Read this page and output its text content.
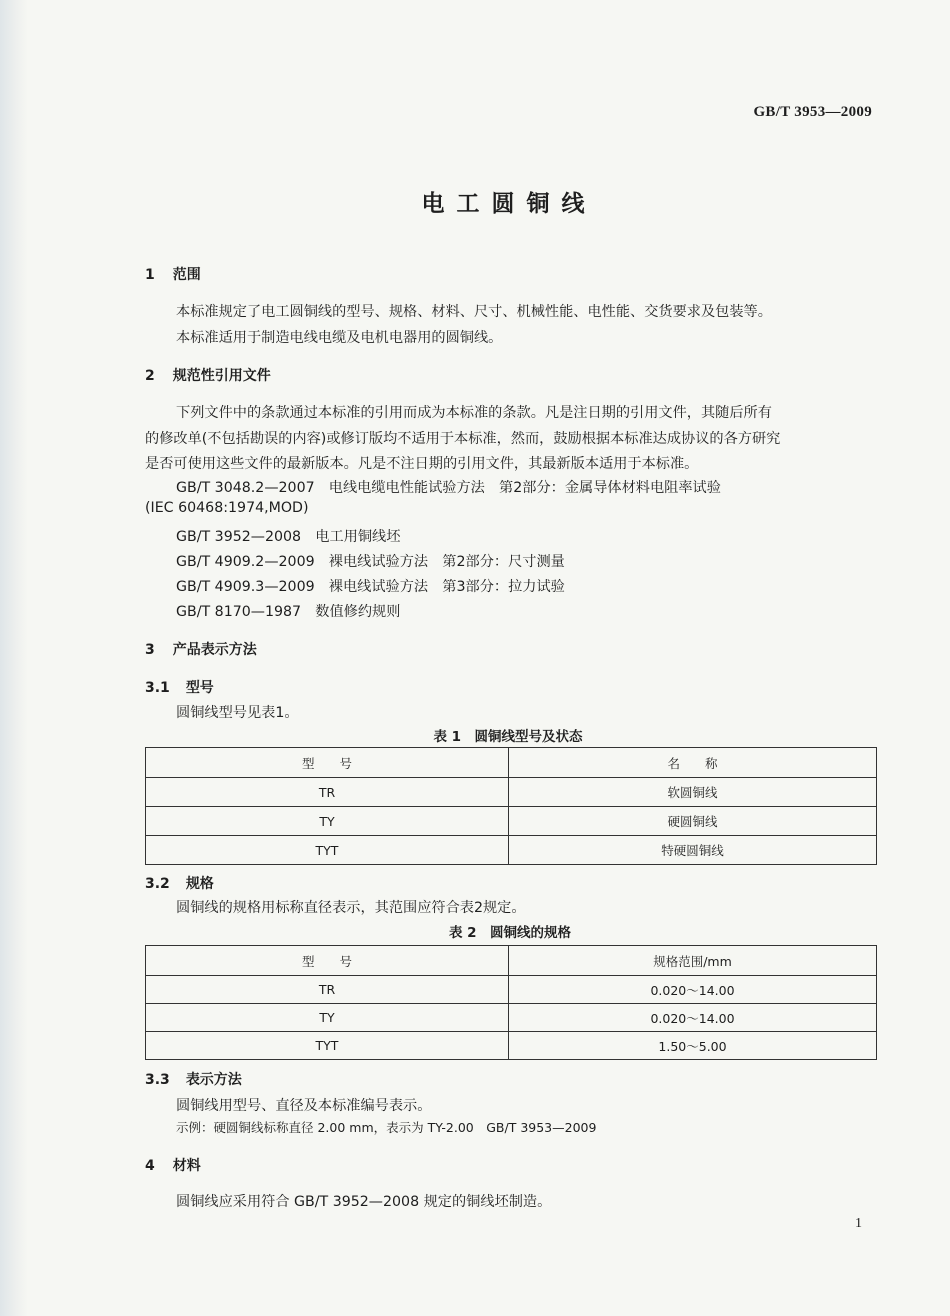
GB/T 3953—2009
电工圆铜线
1 范围
本标准规定了电工圆铜线的型号、规格、材料、尺寸、机械性能、电性能、交货要求及包装等。
本标准适用于制造电线电缆及电机电器用的圆铜线。
2 规范性引用文件
下列文件中的条款通过本标准的引用而成为本标准的条款。凡是注日期的引用文件，其随后所有
的修改单(不包括勘误的内容)或修订版均不适用于本标准，然而，鼓励根据本标准达成协议的各方研究
是否可使用这些文件的最新版本。凡是不注日期的引用文件，其最新版本适用于本标准。
GB/T 3048.2—2007　电线电缆电性能试验方法　第2部分：金属导体材料电阻率试验
(IEC 60468:1974,MOD)
GB/T 3952—2008　电工用铜线坯
GB/T 4909.2—2009　裸电线试验方法　第2部分：尺寸测量
GB/T 4909.3—2009　裸电线试验方法　第3部分：拉力试验
GB/T 8170—1987　数值修约规则
3 产品表示方法
3.1 型号
圆铜线型号见表1。
表 1　圆铜线型号及状态
型　　号	名　　称
TR	软圆铜线
TY	硬圆铜线
TYT	特硬圆铜线
3.2 规格
圆铜线的规格用标称直径表示，其范围应符合表2规定。
表 2　圆铜线的规格
型　　号	规格范围/mm
TR	0.020～14.00
TY	0.020～14.00
TYT	1.50～5.00
3.3 表示方法
圆铜线用型号、直径及本标准编号表示。
示例：硬圆铜线标称直径 2.00 mm，表示为 TY-2.00　GB/T 3953—2009
4 材料
圆铜线应采用符合 GB/T 3952—2008 规定的铜线坯制造。
1
